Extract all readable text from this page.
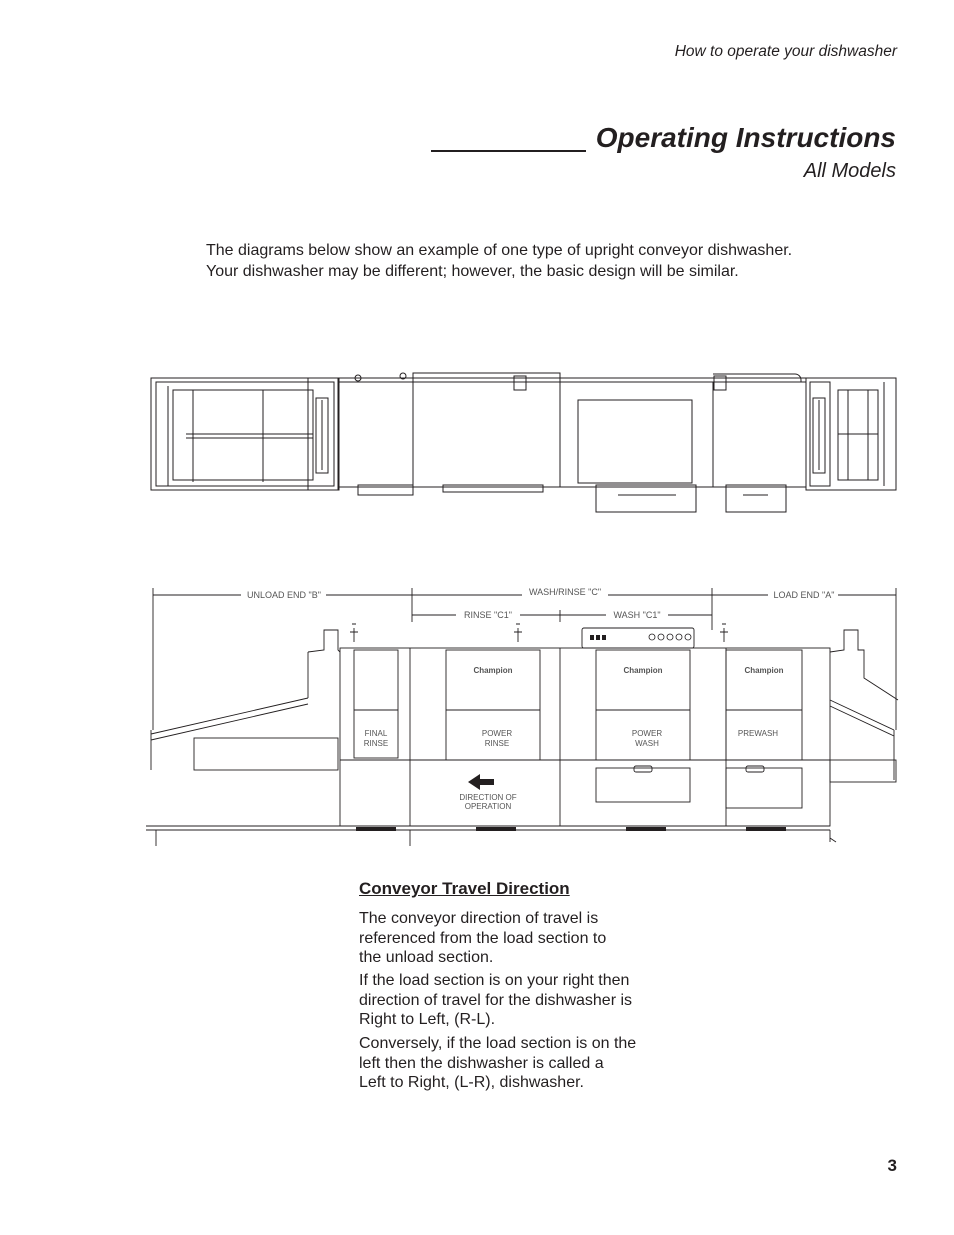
How to operate your dishwasher
Operating Instructions
All Models

The diagrams below show an example of one type of upright conveyor dishwasher.

Your dishwasher may be different; however, the basic design will be similar.

UNLOAD END "B"	WASH/RINSE "C"	LOAD END "A"
RINSE "C1"	WASH "C1"
Champion	Champion	Champion
FINAL
RINSE
POWER
RINSE
POWER
WASH
PREWASH
DIRECTION OF
OPERATION
Conveyor Travel Direction

The conveyor direction of travel is

referenced from the load section to

the unload section.

If the load section is on your right then

direction of travel for the dishwasher is

Right to Left, (R-L).

Conversely, if the load section is on the

left then the dishwasher is called a

Left to Right, (L-R), dishwasher.

3
